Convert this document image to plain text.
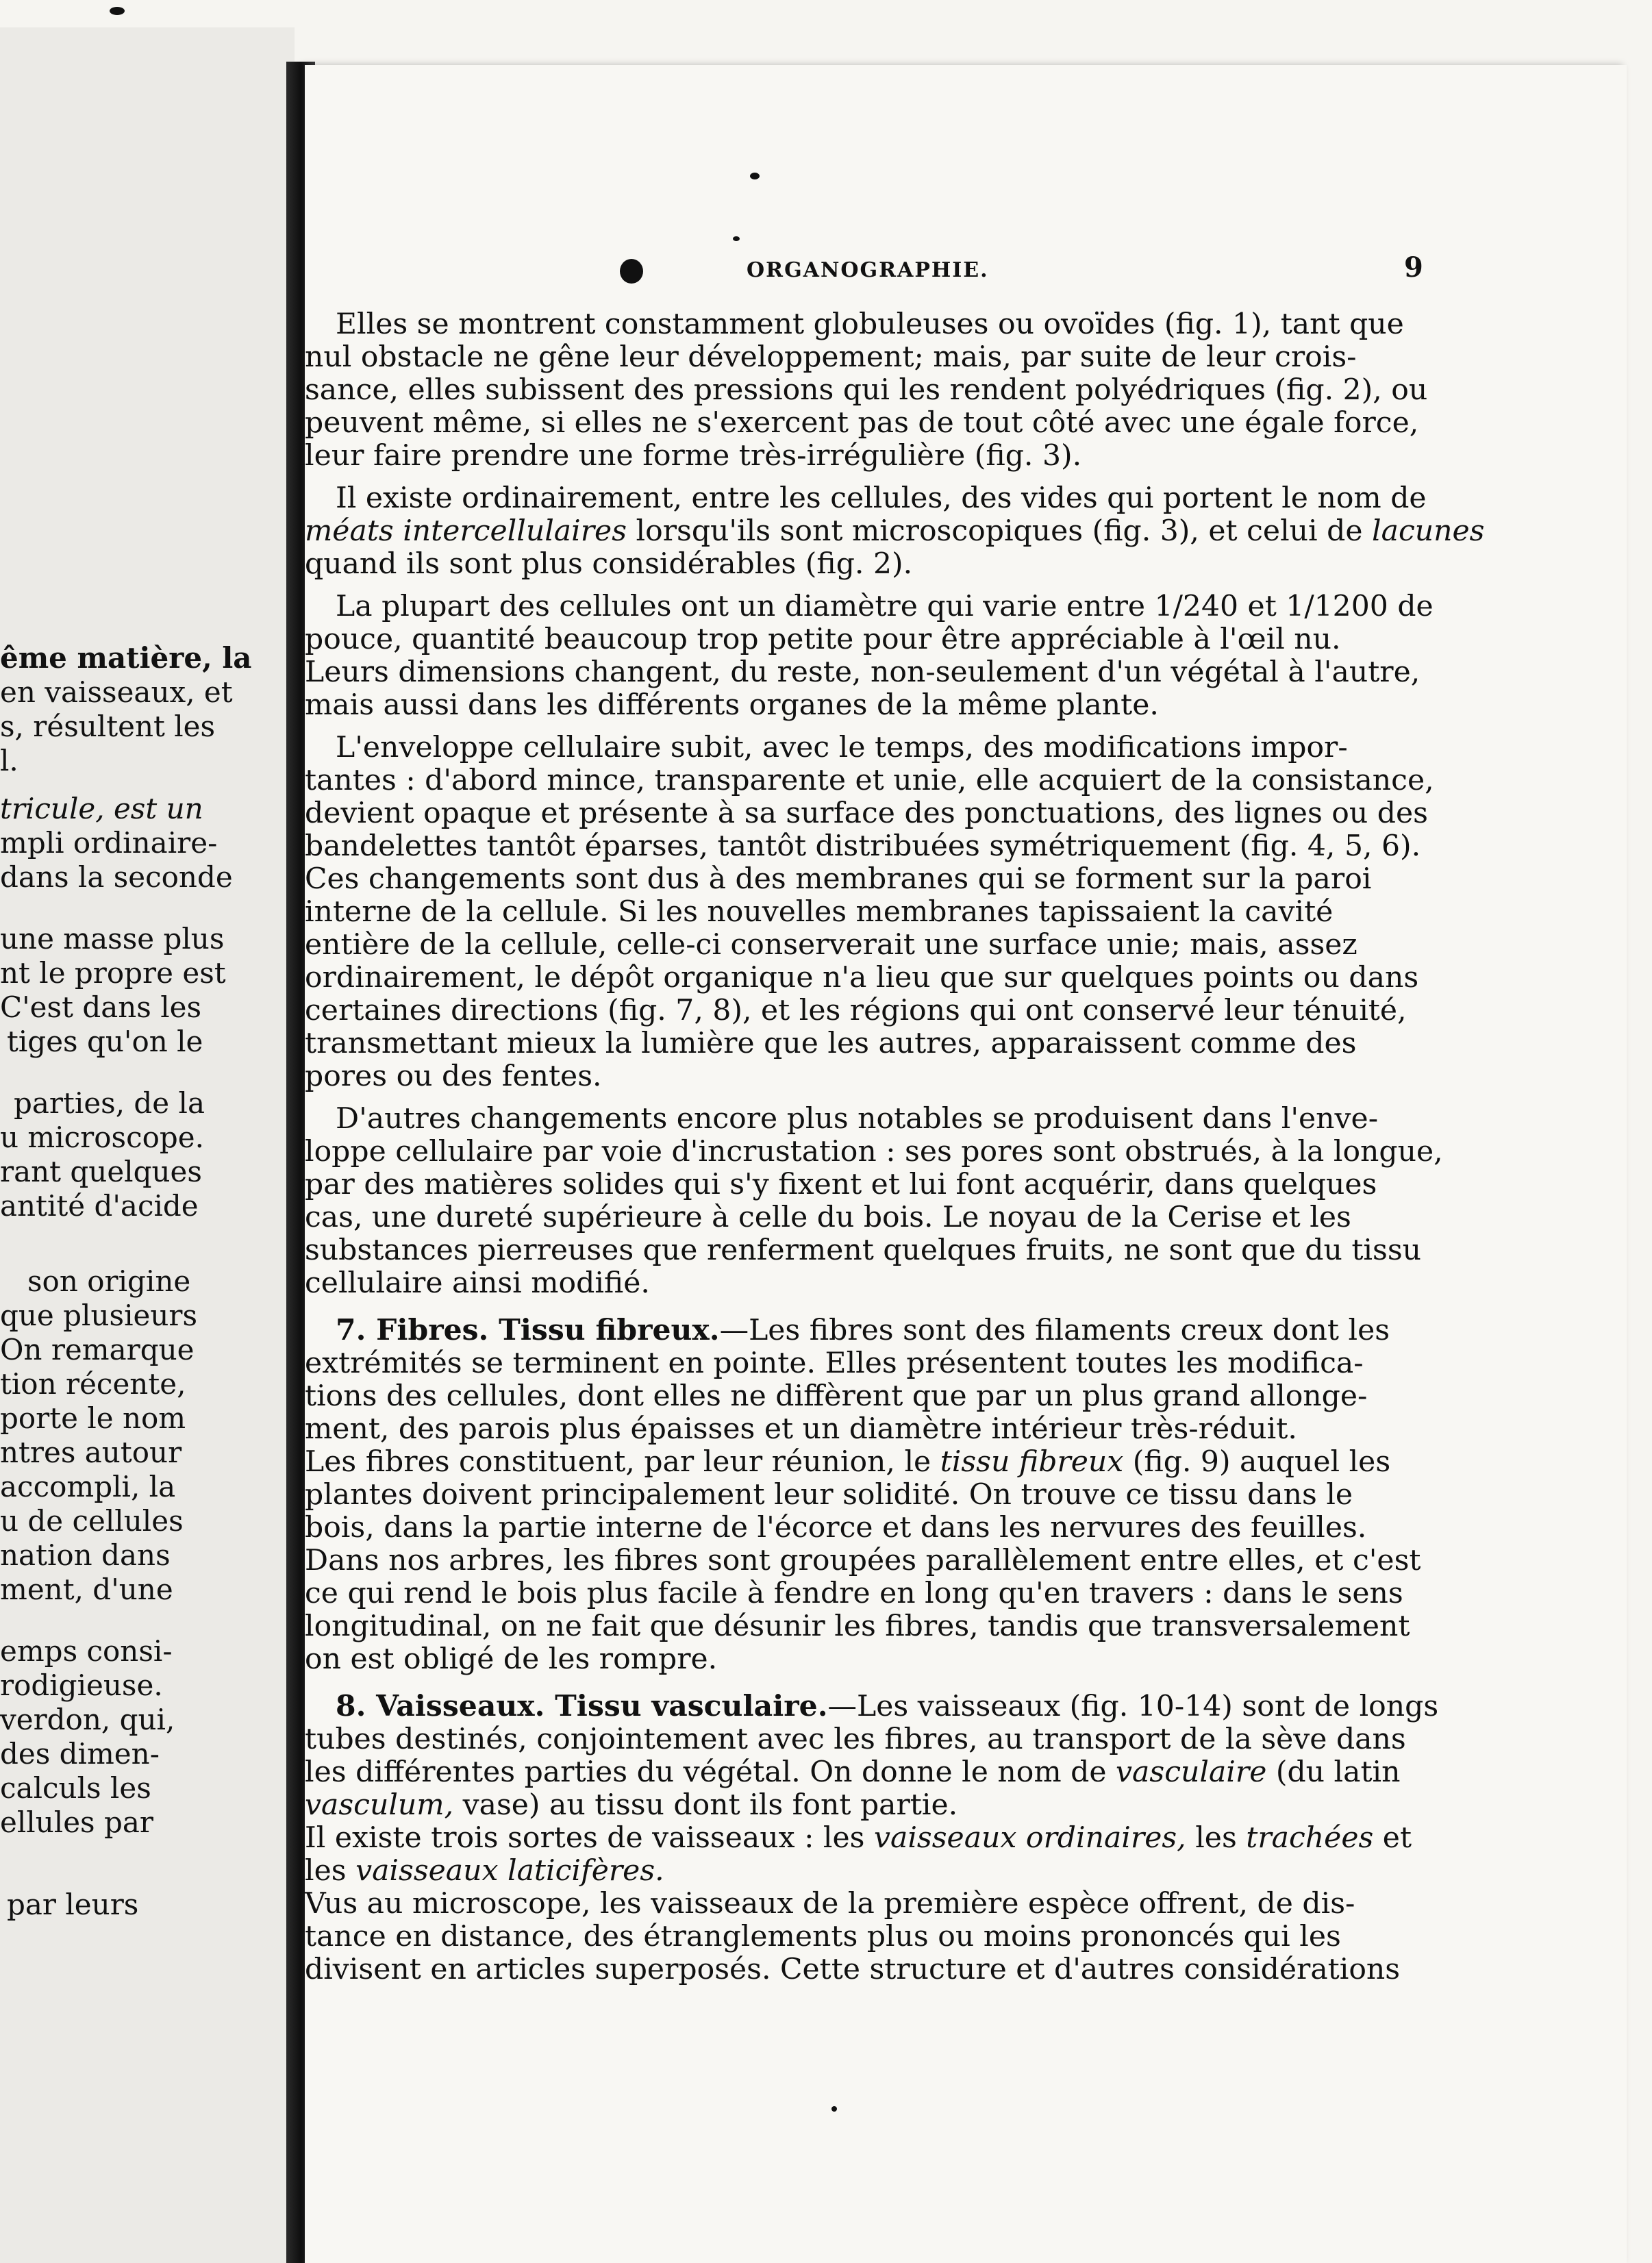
ême matière, la
en vaisseaux, et
s, résultent les
l.
tricule, est un
mpli ordinaire-
dans la seconde
une masse plus
nt le propre est
C'est dans les
tiges qu'on le
parties, de la
u microscope.
rant quelques
antité d'acide
son origine
que plusieurs
On remarque
tion récente,
porte le nom
ntres autour
accompli, la
u de cellules
nation dans
ment, d'une
emps consi-
rodigieuse.
verdon, qui,
des dimen-
calculs les
ellules par
par leurs
ORGANOGRAPHIE.	9
Elles se montrent constamment globuleuses ou ovoïdes (fig. 1), tant que
nul obstacle ne gêne leur développement; mais, par suite de leur crois-
sance, elles subissent des pressions qui les rendent polyédriques (fig. 2), ou
peuvent même, si elles ne s'exercent pas de tout côté avec une égale force,
leur faire prendre une forme très-irrégulière (fig. 3).
Il existe ordinairement, entre les cellules, des vides qui portent le nom de
méats intercellulaires lorsqu'ils sont microscopiques (fig. 3), et celui de lacunes
quand ils sont plus considérables (fig. 2).
La plupart des cellules ont un diamètre qui varie entre 1/240 et 1/1200 de
pouce, quantité beaucoup trop petite pour être appréciable à l'œil nu.
Leurs dimensions changent, du reste, non-seulement d'un végétal à l'autre,
mais aussi dans les différents organes de la même plante.
L'enveloppe cellulaire subit, avec le temps, des modifications impor-
tantes : d'abord mince, transparente et unie, elle acquiert de la consistance,
devient opaque et présente à sa surface des ponctuations, des lignes ou des
bandelettes tantôt éparses, tantôt distribuées symétriquement (fig. 4, 5, 6).
Ces changements sont dus à des membranes qui se forment sur la paroi
interne de la cellule. Si les nouvelles membranes tapissaient la cavité
entière de la cellule, celle-ci conserverait une surface unie; mais, assez
ordinairement, le dépôt organique n'a lieu que sur quelques points ou dans
certaines directions (fig. 7, 8), et les régions qui ont conservé leur ténuité,
transmettant mieux la lumière que les autres, apparaissent comme des
pores ou des fentes.
D'autres changements encore plus notables se produisent dans l'enve-
loppe cellulaire par voie d'incrustation : ses pores sont obstrués, à la longue,
par des matières solides qui s'y fixent et lui font acquérir, dans quelques
cas, une dureté supérieure à celle du bois. Le noyau de la Cerise et les
substances pierreuses que renferment quelques fruits, ne sont que du tissu
cellulaire ainsi modifié.
7. Fibres. Tissu fibreux.—Les fibres sont des filaments creux dont les
extrémités se terminent en pointe. Elles présentent toutes les modifica-
tions des cellules, dont elles ne diffèrent que par un plus grand allonge-
ment, des parois plus épaisses et un diamètre intérieur très-réduit.
Les fibres constituent, par leur réunion, le tissu fibreux (fig. 9) auquel les
plantes doivent principalement leur solidité. On trouve ce tissu dans le
bois, dans la partie interne de l'écorce et dans les nervures des feuilles.
Dans nos arbres, les fibres sont groupées parallèlement entre elles, et c'est
ce qui rend le bois plus facile à fendre en long qu'en travers : dans le sens
longitudinal, on ne fait que désunir les fibres, tandis que transversalement
on est obligé de les rompre.
8. Vaisseaux. Tissu vasculaire.—Les vaisseaux (fig. 10-14) sont de longs
tubes destinés, conjointement avec les fibres, au transport de la sève dans
les différentes parties du végétal. On donne le nom de vasculaire (du latin
vasculum, vase) au tissu dont ils font partie.
Il existe trois sortes de vaisseaux : les vaisseaux ordinaires, les trachées et
les vaisseaux laticifères.
Vus au microscope, les vaisseaux de la première espèce offrent, de dis-
tance en distance, des étranglements plus ou moins prononcés qui les
divisent en articles superposés. Cette structure et d'autres considérations
